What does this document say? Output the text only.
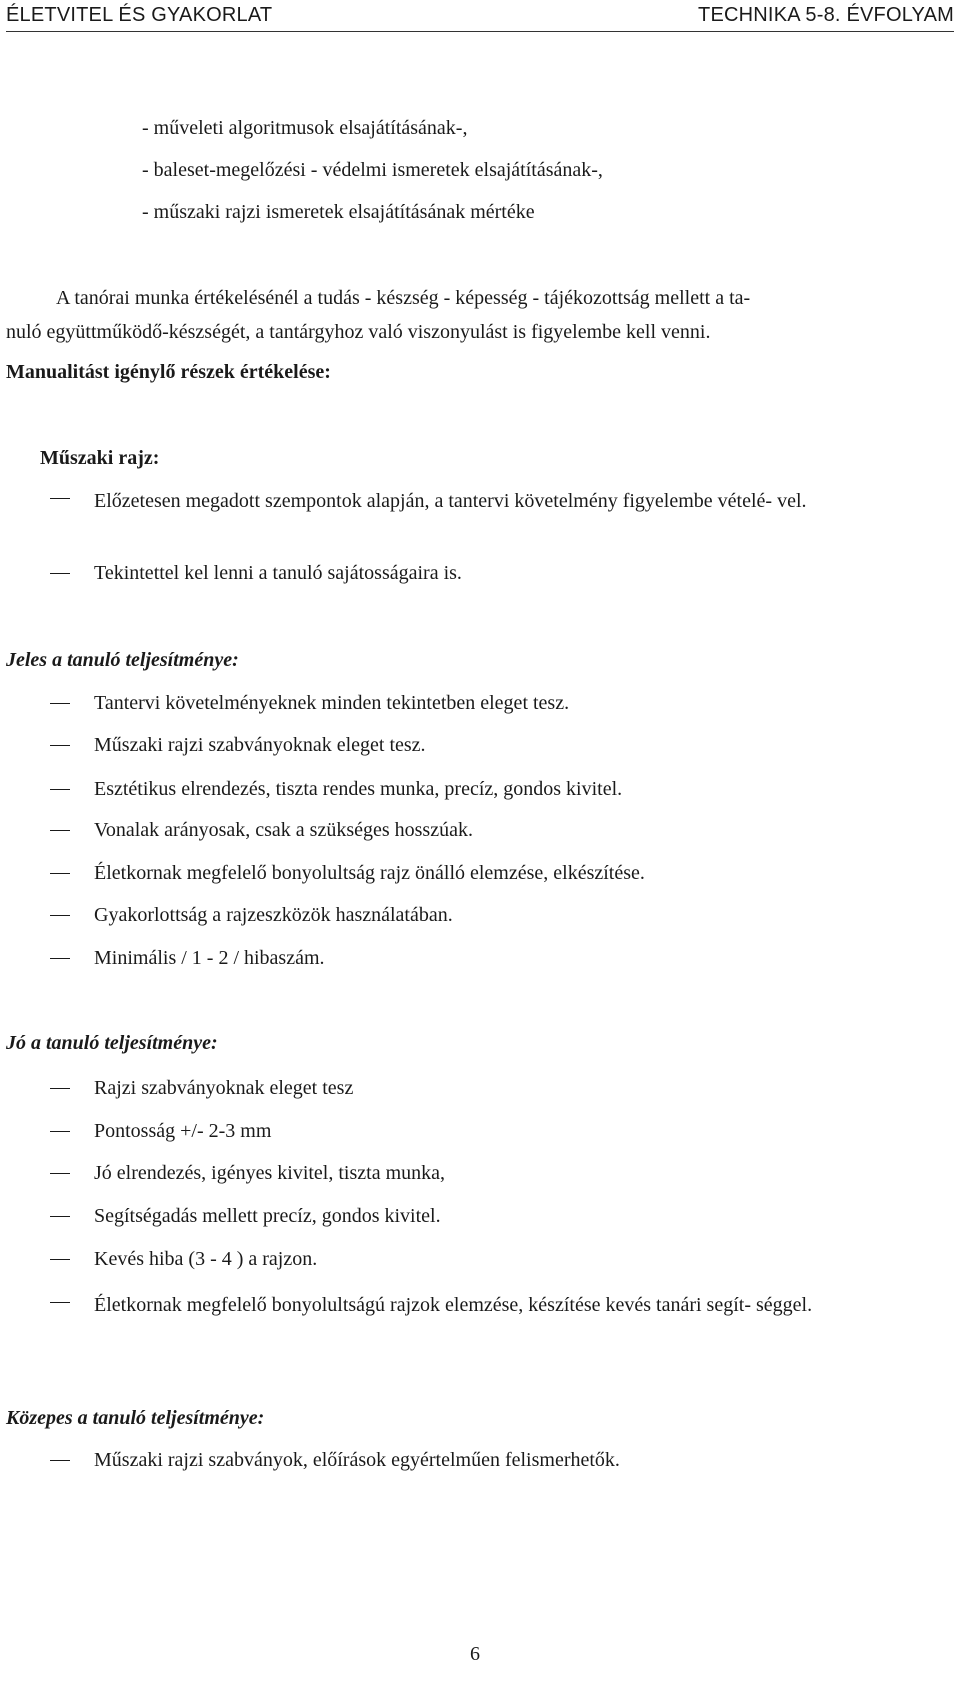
ÉLETVITEL ÉS GYAKORLAT	TECHNIKA 5-8. ÉVFOLYAM
- műveleti algoritmusok elsajátításának-,
- baleset-megelőzési - védelmi ismeretek elsajátításának-,
- műszaki rajzi ismeretek elsajátításának mértéke
A tanórai munka értékelésénél a tudás - készség - képesség - tájékozottság mellett a ta-
nuló együttműködő-készségét, a tantárgyhoz való viszonyulást is figyelembe kell venni.
Manualitást igénylő részek értékelése:
Műszaki rajz:
Előzetesen megadott szempontok alapján, a tantervi követelmény figyelembe vételé- vel.
Tekintettel kel lenni a tanuló sajátosságaira is.
Jeles a tanuló teljesítménye:
Tantervi követelményeknek minden tekintetben eleget tesz.
Műszaki rajzi szabványoknak eleget tesz.
Esztétikus elrendezés, tiszta rendes munka, precíz, gondos kivitel.
Vonalak arányosak, csak a szükséges hosszúak.
Életkornak megfelelő bonyolultság rajz önálló elemzése, elkészítése.
Gyakorlottság a rajzeszközök használatában.
Minimális / 1 - 2 / hibaszám.
Jó a tanuló teljesítménye:
Rajzi szabványoknak eleget tesz
Pontosság +/- 2-3 mm
Jó elrendezés, igényes kivitel, tiszta munka,
Segítségadás mellett precíz, gondos kivitel.
Kevés hiba (3 - 4 ) a rajzon.
Életkornak megfelelő bonyolultságú rajzok elemzése, készítése kevés tanári segít- séggel.
Közepes a tanuló teljesítménye:
Műszaki rajzi szabványok, előírások egyértelműen felismerhetők.
6
